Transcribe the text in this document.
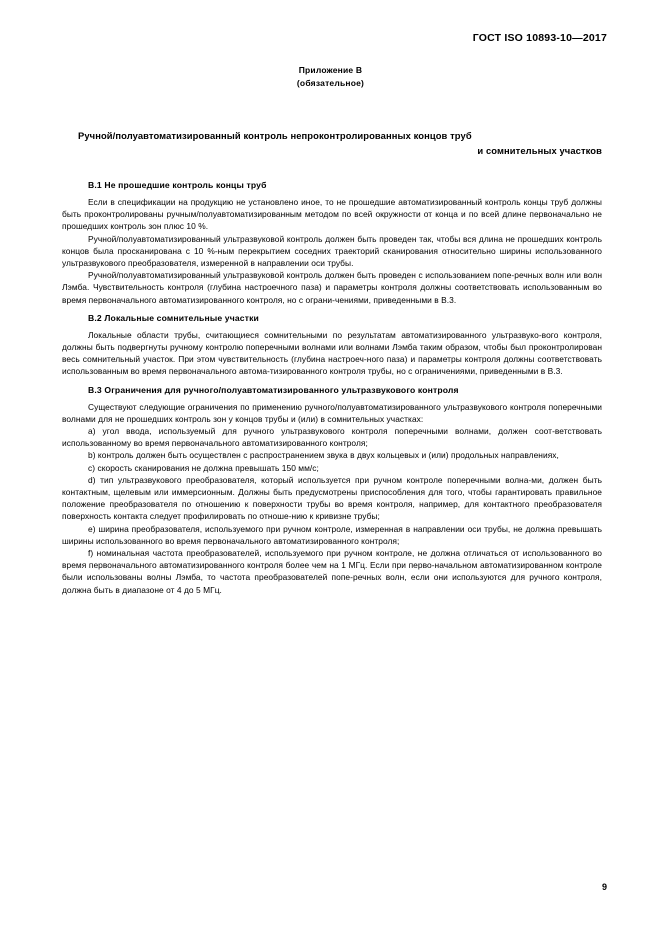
ГОСТ ISO 10893-10—2017
Приложение В
(обязательное)
Ручной/полуавтоматизированный контроль непроконтролированных концов труб
и сомнительных участков
В.1 Не прошедшие контроль концы труб

Если в спецификации на продукцию не установлено иное, то не прошедшие автоматизированный контроль концы труб должны быть проконтролированы ручным/полуавтоматизированным методом по всей окружности от конца и по всей длине первоначально не прошедших контроль зон плюс 10 %.

Ручной/полуавтоматизированный ультразвуковой контроль должен быть проведен так, чтобы вся длина не прошедших контроль концов была просканирована с 10 %-ным перекрытием соседних траекторий сканирования относительно ширины использованного ультразвукового преобразователя, измеренной в направлении оси трубы.

Ручной/полуавтоматизированный ультразвуковой контроль должен быть проведен с использованием попе-речных волн или волн Лэмба. Чувствительность контроля (глубина настроечного паза) и параметры контроля должны соответствовать использованным во время первоначального автоматизированного контроля, но с ограни-чениями, приведенными в В.3.

В.2 Локальные сомнительные участки

Локальные области трубы, считающиеся сомнительными по результатам автоматизированного ультразвуко-вого контроля, должны быть подвергнуты ручному контролю поперечными волнами или волнами Лэмба таким образом, чтобы был проконтролирован весь сомнительный участок. При этом чувствительность (глубина настроеч-ного паза) и параметры контроля должны соответствовать использованным во время первоначального автома-тизированного контроля трубы, но с ограничениями, приведенными в В.3.

В.3 Ограничения для ручного/полуавтоматизированного ультразвукового контроля

Существуют следующие ограничения по применению ручного/полуавтоматизированного ультразвукового контроля поперечными волнами для не прошедших контроль зон у концов трубы и (или) в сомнительных участках:

a) угол ввода, используемый для ручного ультразвукового контроля поперечными волнами, должен соот-ветствовать использованному во время первоначального автоматизированного контроля;

b) контроль должен быть осуществлен с распространением звука в двух кольцевых и (или) продольных направлениях,

c) скорость сканирования не должна превышать 150 мм/с;

d) тип ультразвукового преобразователя, который используется при ручном контроле поперечными волна-ми, должен быть контактным, щелевым или иммерсионным. Должны быть предусмотрены приспособления для того, чтобы гарантировать правильное положение преобразователя по отношению к поверхности трубы во время контроля, например, для контактного преобразователя поверхность контакта следует профилировать по отноше-нию к кривизне трубы;

e) ширина преобразователя, используемого при ручном контроле, измеренная в направлении оси трубы, не должна превышать ширины использованного во время первоначального автоматизированного контроля;

f) номинальная частота преобразователей, используемого при ручном контроле, не должна отличаться от использованного во время первоначального автоматизированного контроля более чем на 1 МГц. Если при перво-начальном автоматизированном контроле были использованы волны Лэмба, то частота преобразователей попе-речных волн, если они используются для ручного контроля, должна быть в диапазоне от 4 до 5 МГц.

9
